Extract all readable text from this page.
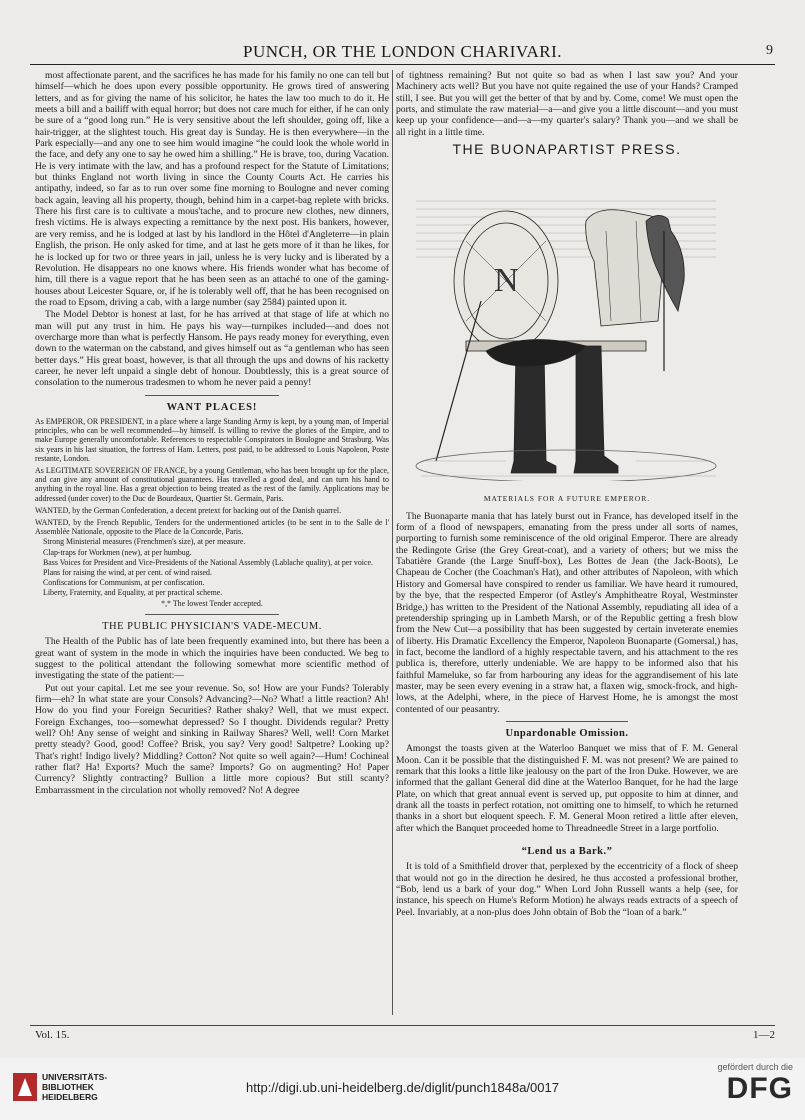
PUNCH, OR THE LONDON CHARIVARI.	9

most affectionate parent, and the sacrifices he has made for his family no one can tell but himself—which he does upon every possible opportunity. He grows tired of answering letters, and as for giving the name of his solicitor, he hates the law too much to do it. He meets a bill and a bailiff with equal horror; but does not care much for either, if he can only be sure of a “good long run.” He is very sensitive about the left shoulder, going off, like a hair-trigger, at the slightest touch. His great day is Sunday. He is then everywhere—in the Park especially—and any one to see him would imagine “he could look the whole world in the face, and defy any one to say he owed him a shilling.” He is brave, too, during Vacation. He is very intimate with the law, and has a profound respect for the Statute of Limitations; but thinks England not worth living in since the County Courts Act. He carries his antipathy, indeed, so far as to run over some fine morning to Boulogne and never coming back again, leaving all his property, though, behind him in a carpet-bag replete with bricks. There his first care is to cultivate a mous'tache, and to procure new clothes, new dinners, fresh victims. He is always expecting a remittance by the next post. His bankers, however, are very remiss, and he is lodged at last by his landlord in the Hôtel d'Angleterre—in plain English, the prison. He only asked for time, and at last he gets more of it than he likes, for he is locked up for two or three years in jail, unless he is very lucky and is liberated by a Revolution. He disappears no one knows where. His friends wonder what has become of him, till there is a vague report that he has been seen as an attaché to one of the gaming-houses about Leicester Square, or, if he is tolerably well off, that he has been recognised on the road to Epsom, driving a cab, with a large number (say 2584) painted upon it.

The Model Debtor is honest at last, for he has arrived at that stage of life at which no man will put any trust in him. He pays his way—turnpikes included—and does not overcharge more than what is perfectly Hansom. He pays ready money for everything, even down to the waterman on the cabstand, and gives himself out as “a gentleman who has seen better days.” His great boast, however, is that all through the ups and downs of his racketty career, he never left unpaid a single debt of honour. Doubtlessly, this is a great source of consolation to the numerous tradesmen to whom he never paid a penny!

WANT PLACES!

As EMPEROR, OR PRESIDENT, in a place where a large Standing Army is kept, by a young man, of Imperial principles, who can be well recommended—by himself. Is willing to revive the glories of the Empire, and to make Europe generally uncomfortable. References to respectable Conspirators in Boulogne and Strasburg. Was six years in his last situation, the fortress of Ham. Letters, post paid, to be addressed to Louis Napoleon, Poste restante, London.

As LEGITIMATE SOVEREIGN OF FRANCE, by a young Gentleman, who has been brought up for the place, and can give any amount of constitutional guarantees. Has travelled a good deal, and can turn his hand to anything in the royal line. Has a great objection to being treated as the rest of the family. Applications may be addressed (under cover) to the Duc de Bourdeaux, Quartier St. Germain, Paris.

WANTED, by the German Confederation, a decent pretext for backing out of the Danish quarrel.

WANTED, by the French Republic, Tenders for the undermentioned articles (to be sent in to the Salle de l' Assemblée Nationale, opposite to the Place de la Concorde, Paris.

Strong Ministerial measures (Frenchmen's size), at per measure.

Clap-traps for Workmen (new), at per humbug.

Bass Voices for President and Vice-Presidents of the National Assembly (Lablache quality), at per voice.

Plans for raising the wind, at per cent. of wind raised.

Confiscations for Communism, at per confiscation.

Liberty, Fraternity, and Equality, at per practical scheme.

*,* The lowest Tender accepted.

THE PUBLIC PHYSICIAN'S VADE-MECUM.

The Health of the Public has of late been frequently examined into, but there has been a great want of system in the mode in which the inquiries have been conducted. We beg to suggest to the political attendant the following somewhat more scientific method of investigating the state of the patient:—

Put out your capital. Let me see your revenue. So, so! How are your Funds? Tolerably firm—eh? In what state are your Consols? Advancing?—No? What! a little reaction? Ah! How do you find your Foreign Securities? Rather shaky? Well, that we must expect. Foreign Exchanges, too—somewhat depressed? So I thought. Dividends regular? Pretty well? Oh! Any sense of weight and sinking in Railway Shares? Well, well! Corn Market pretty steady? Good, good! Coffee? Brisk, you say? Very good! Saltpetre? Looking up? That's right! Indigo lively? Middling? Cotton? Not quite so well again?—Hum! Cochineal rather flat? Ha! Exports? Much the same? Imports? Go on augmenting? Ho! Paper Currency? Slightly contracting? Bullion a little more copious? But still scanty? Embarrassment in the circulation not wholly removed? No! A degree

of tightness remaining? But not quite so bad as when I last saw you? And your Machinery acts well? But you have not quite regained the use of your Hands? Cramped still, I see. But you will get the better of that by and by. Come, come! We must open the ports, and stimulate the raw material—a—and give you a little discount—and you must keep up your confidence—and—a—my quarter's salary? Thank you—and we shall be all right in a little time.

THE BUONAPARTIST PRESS.
N
MATERIALS FOR A FUTURE EMPEROR.

The Buonaparte mania that has lately burst out in France, has developed itself in the form of a flood of newspapers, emanating from the press under all sorts of names, purporting to furnish some reminiscence of the old original Emperor. There are already the Redingote Grise (the Grey Great-coat), and a variety of others; but we miss the Tabatière Grande (the Large Snuff-box), Les Bottes de Jean (the Jack-Boots), Le Chapeau de Cocher (the Coachman's Hat), and other attributes of Napoleon, with which History and Gomersal have conspired to render us familiar. We have heard it rumoured, by the bye, that the respected Emperor (of Astley's Amphitheatre Royal, Westminster Bridge,) has written to the President of the National Assembly, repudiating all idea of a pretendership springing up in Lambeth Marsh, or of the Republic getting a fresh blow from the New Cut—a possibility that has been suggested by certain inveterate enemies of liberty. His Dramatic Excellency the Emperor, Napoleon Buonaparte (Gomersal,) has, in fact, become the landlord of a highly respectable tavern, and his attachment to the res publica is, therefore, utterly undeniable. We are happy to be informed also that his faithful Mameluke, so far from harbouring any ideas for the aggrandisement of his late master, may be seen every evening in a straw hat, a flaxen wig, smock-frock, and high-lows, at the Adelphi, where, in the piece of Harvest Home, he is amongst the most contented of our peasantry.

Unpardonable Omission.

Amongst the toasts given at the Waterloo Banquet we miss that of F. M. General Moon. Can it be possible that the distinguished F. M. was not present? We are pained to remark that this looks a little like jealousy on the part of the Iron Duke. However, we are informed that the gallant General did dine at the Waterloo Banquet, for he had the large Plate, on which that great annual event is served up, put opposite to him at dinner, and drank all the toasts in perfect rotation, not omitting one to himself, to which he returned thanks in a short but eloquent speech. F. M. General Moon retired a little after eleven, after which the Banquet proceeded home to Threadneedle Street in a large portfolio.

“Lend us a Bark.”

It is told of a Smithfield drover that, perplexed by the eccentricity of a flock of sheep that would not go in the direction he desired, he thus accosted a professional brother, “Bob, lend us a bark of your dog.” When Lord John Russell wants a help (see, for instance, his speech on Hume's Reform Motion) he always reads extracts of a speech of Peel. Invariably, at a non-plus does John obtain of Bob the “loan of a bark.”

Vol. 15.	1—2
UNIVERSITÄTS-BIBLIOTHEK HEIDELBERG
http://digi.ub.uni-heidelberg.de/diglit/punch1848a/0017
gefördert durch die
DFG
